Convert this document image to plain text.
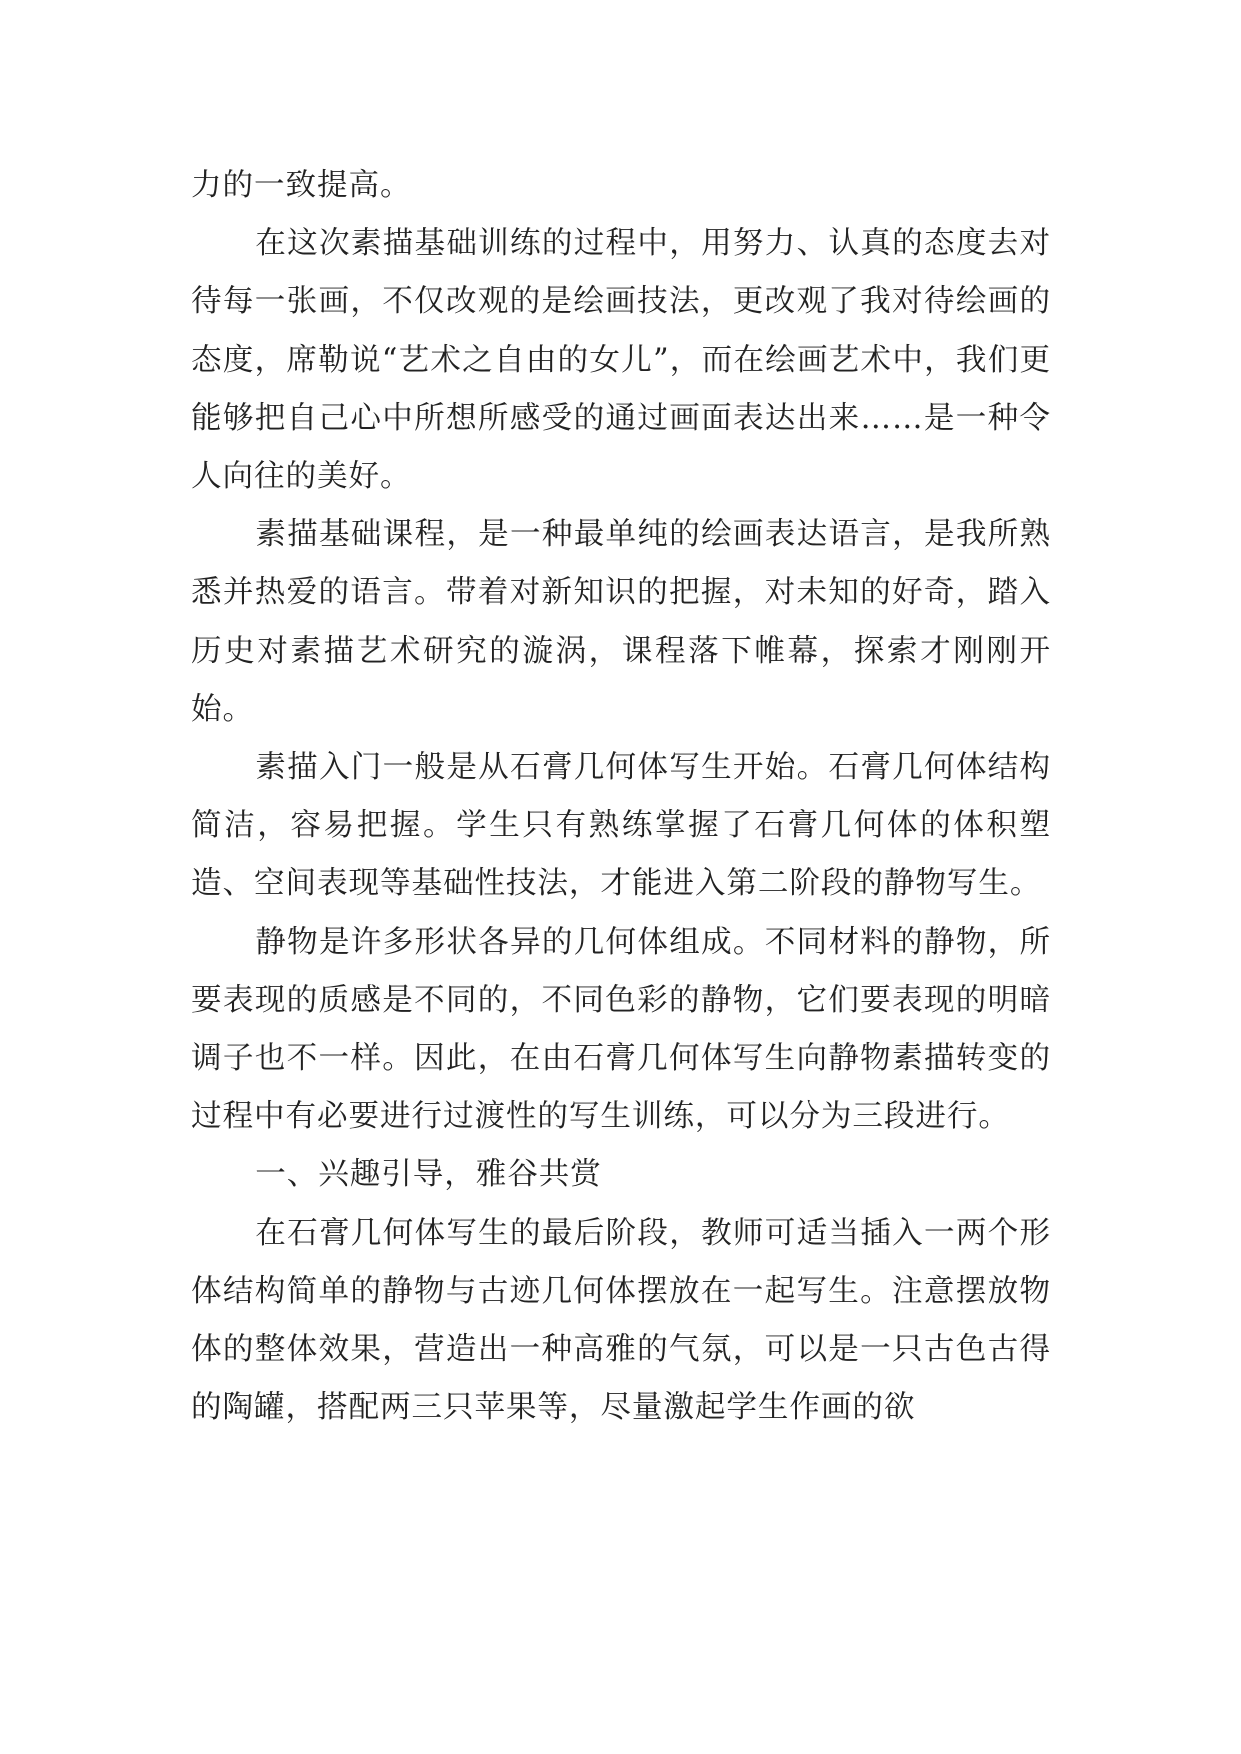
力的一致提高。

在这次素描基础训练的过程中，用努力、认真的态度去对待每一张画，不仅改观的是绘画技法，更改观了我对待绘画的态度，席勒说“艺术之自由的女儿”，而在绘画艺术中，我们更能够把自己心中所想所感受的通过画面表达出来……是一种令人向往的美好。

素描基础课程，是一种最单纯的绘画表达语言，是我所熟悉并热爱的语言。带着对新知识的把握，对未知的好奇，踏入历史对素描艺术研究的漩涡，课程落下帷幕，探索才刚刚开始。

素描入门一般是从石膏几何体写生开始。石膏几何体结构简洁，容易把握。学生只有熟练掌握了石膏几何体的体积塑造、空间表现等基础性技法，才能进入第二阶段的静物写生。

静物是许多形状各异的几何体组成。不同材料的静物，所要表现的质感是不同的，不同色彩的静物，它们要表现的明暗调子也不一样。因此，在由石膏几何体写生向静物素描转变的过程中有必要进行过渡性的写生训练，可以分为三段进行。

一、兴趣引导，雅谷共赏

在石膏几何体写生的最后阶段，教师可适当插入一两个形体结构简单的静物与古迹几何体摆放在一起写生。注意摆放物体的整体效果，营造出一种高雅的气氛，可以是一只古色古得的陶罐，搭配两三只苹果等，尽量激起学生作画的欲
